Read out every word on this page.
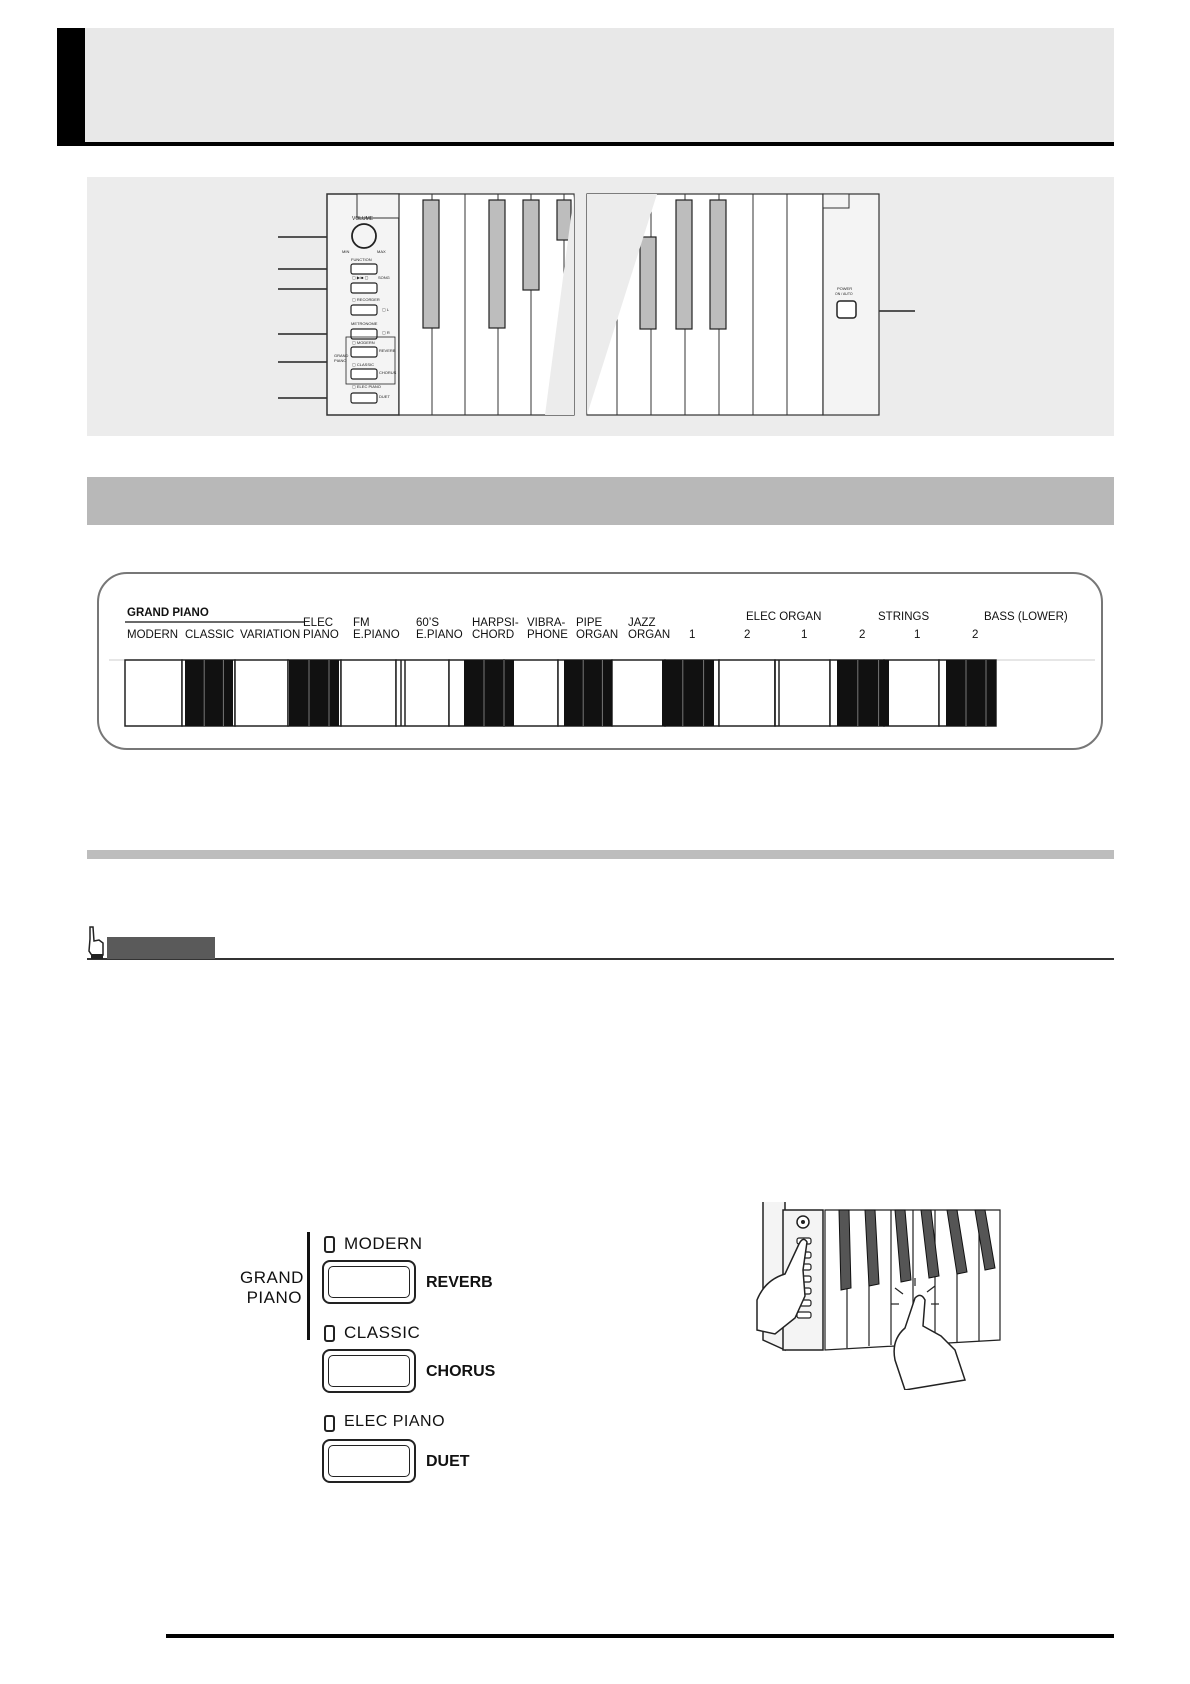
VOLUME
MIN	MAX
FUNCTION
▢ ▶/■ ▢ SONG
▢ RECORDER
▢ L
METRONOME
▢ R
▢ MODERN
REVERB
▢ CLASSIC
CHORUS
▢ ELEC PIANO
DUET
GRAND
PIANO
POWER
ON / AUTO
GRAND PIANO	ELEC ORGAN	STRINGS	BASS (LOWER)
MODERN CLASSIC VARIATION
ELEC
PIANO
FM
E.PIANO
60’S
E.PIANO
HARPSI-
CHORD
VIBRA-
PHONE
PIPE
ORGAN
JAZZ
ORGAN 1	2	1	2	1	2
GRAND
PIANO
MODERN
REVERB
CLASSIC
CHORUS
ELEC PIANO
DUET
